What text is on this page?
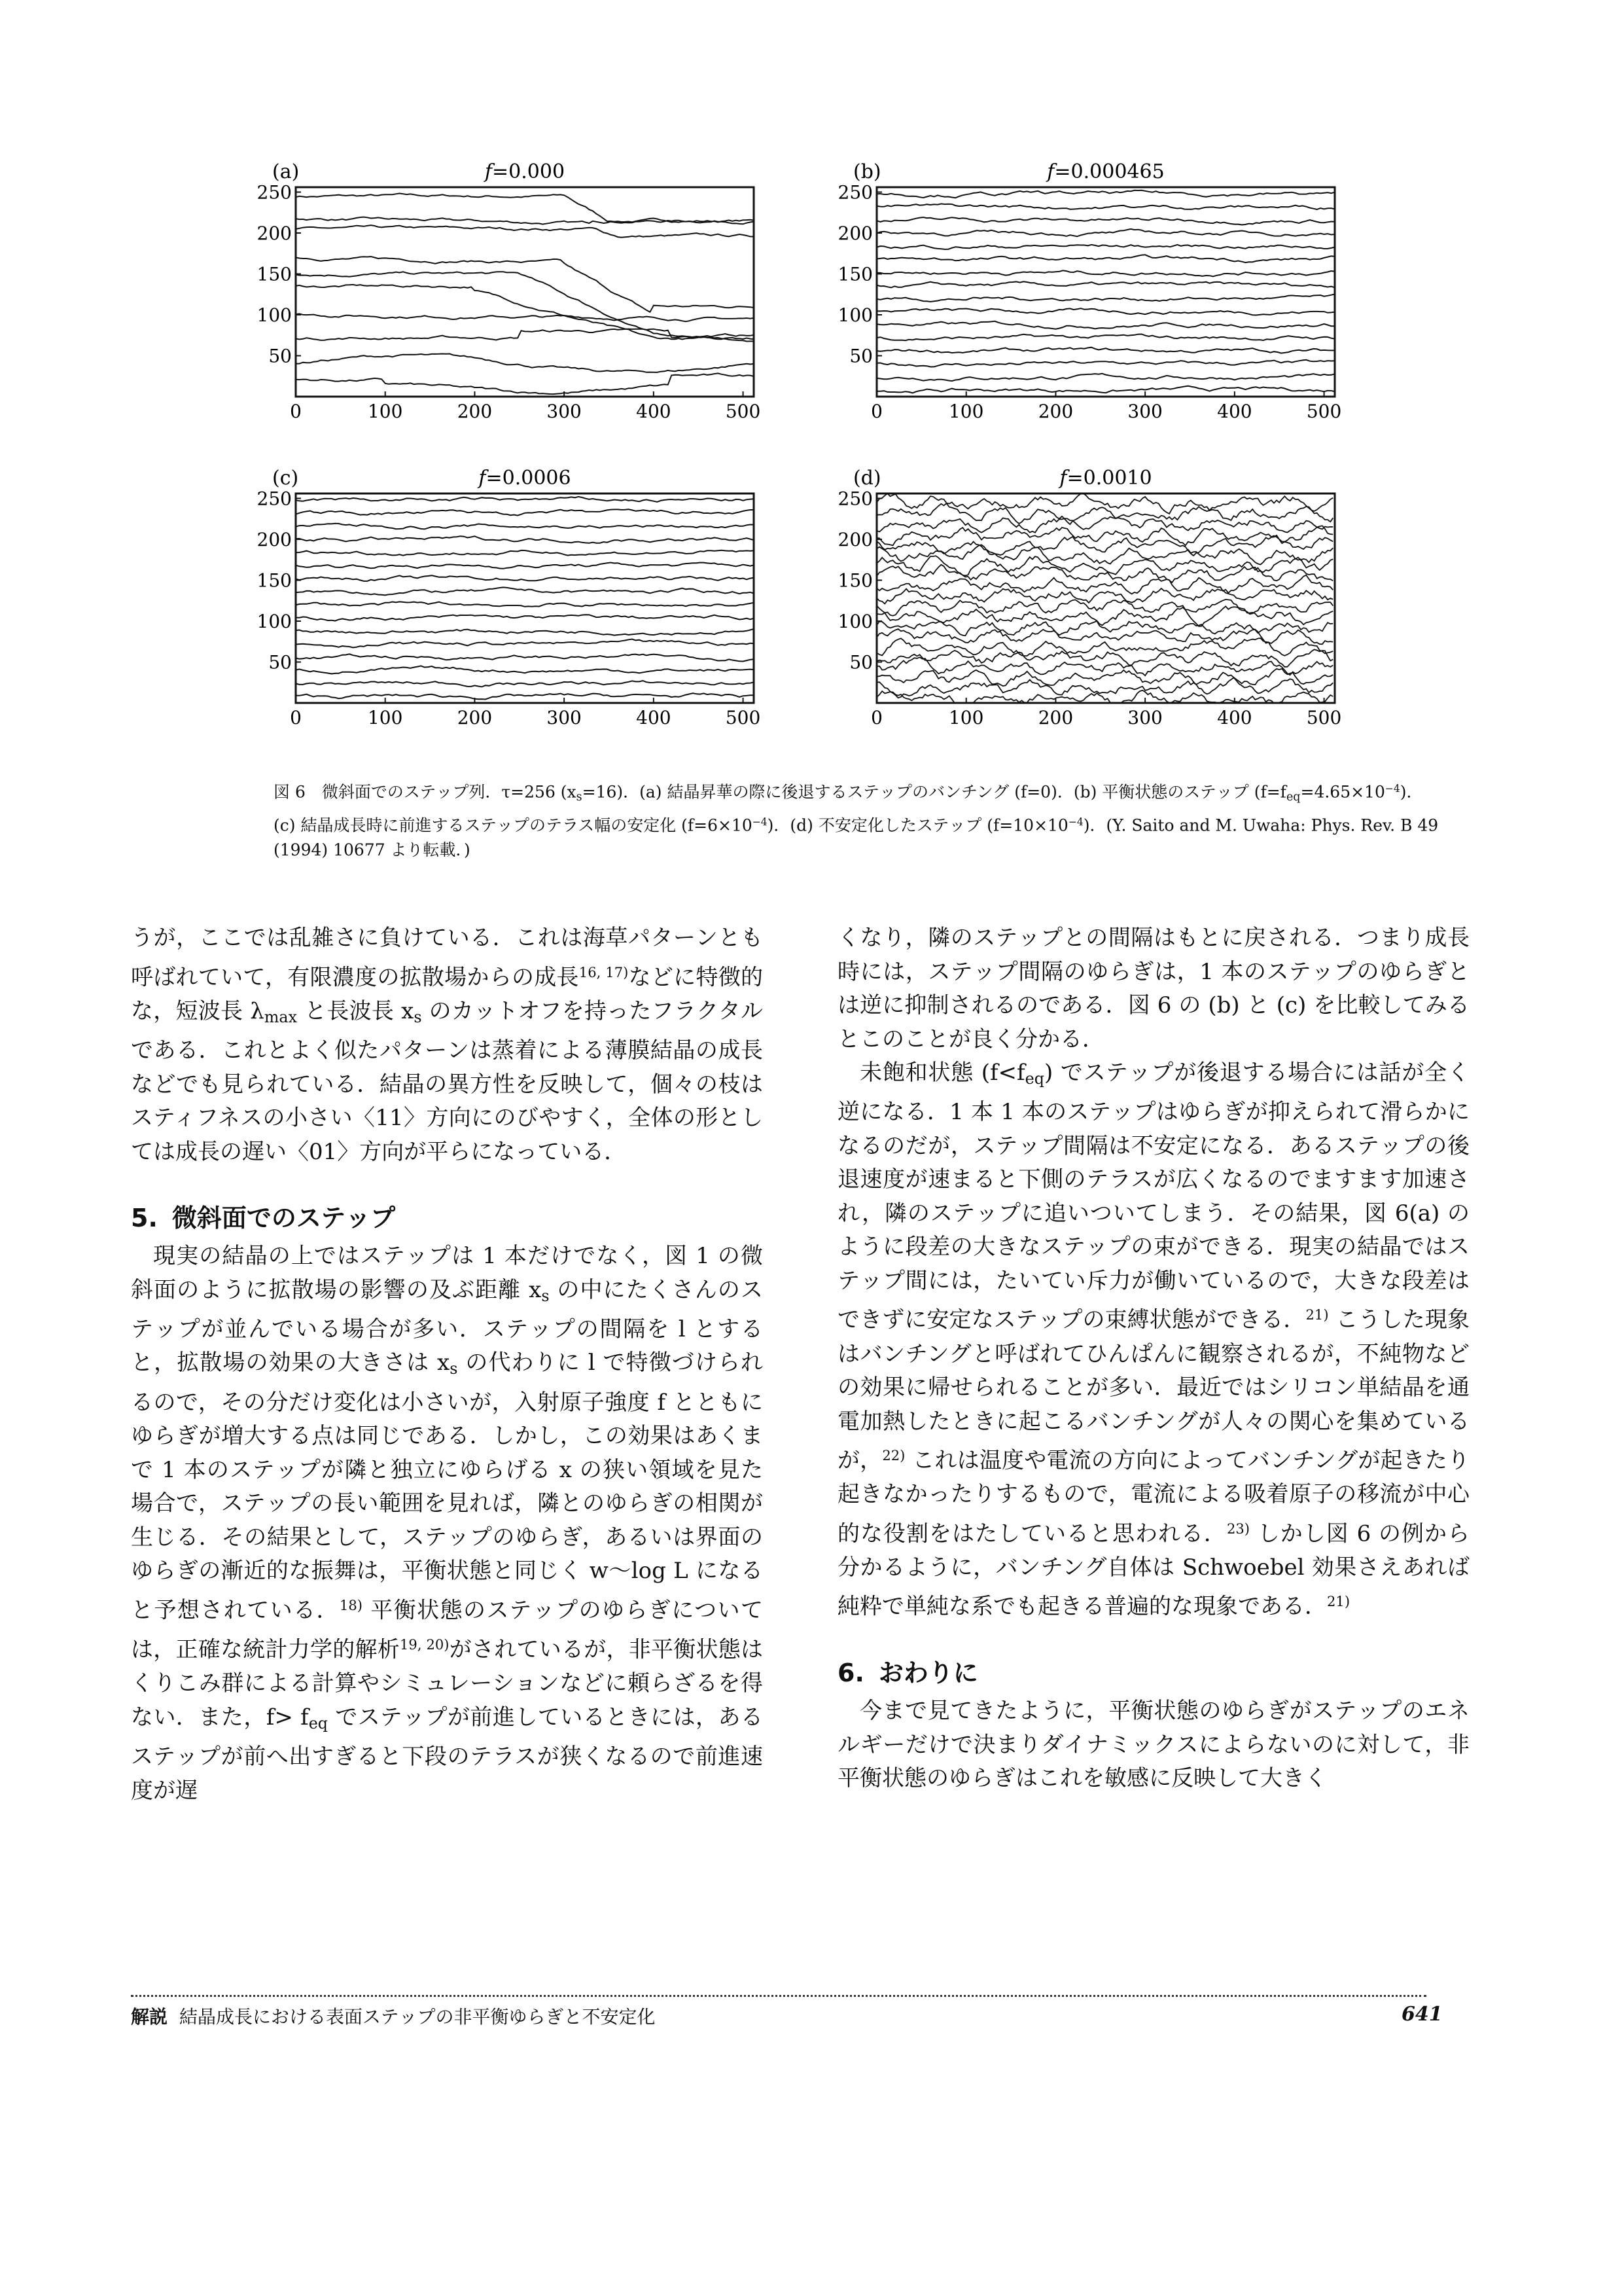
(a)	f=0.000
0	100	200	300	400	500
50
100
150
200
250
(b)	f=0.000465
0	100	200	300	400	500
50
100
150
200
250
(c)	f=0.0006
0	100	200	300	400	500
50
100
150
200
250
(d)	f=0.0010
0	100	200	300	400	500
50
100
150
200
250
図 6　微斜面でのステップ列．τ=256 $(x_s=16)$．(a) 結晶昇華の際に後退するステップのバンチング (f=0)．(b) 平衡状態のステップ $(f=f_{eq}=4.65\times 10^{-4})$．
(c) 結晶成長時に前進するステップのテラス幅の安定化 $(f=6\times 10^{-4})$．(d) 不安定化したステップ $(f=10\times 10^{-4})$．(Y. Saito and M. Uwaha: Phys. Rev. B 49
(1994) 10677 より転載．)

うが，ここでは乱雑さに負けている．これは海草パターンとも呼ばれていて，有限濃度の拡散場からの成長$^{16, 17)}$などに特徴的な，短波長 $\lambda_{max}$ と長波長 $x_s$ のカットオフを持ったフラクタルである．これとよく似たパターンは蒸着による薄膜結晶の成長などでも見られている．結晶の異方性を反映して，個々の枝はスティフネスの小さい〈11〉方向にのびやすく，全体の形としては成長の遅い〈01〉方向が平らになっている．

5. 微斜面でのステップ

現実の結晶の上ではステップは 1 本だけでなく，図 1 の微斜面のように拡散場の影響の及ぶ距離 $x_s$ の中にたくさんのステップが並んでいる場合が多い．ステップの間隔を l とすると，拡散場の効果の大きさは $x_s$ の代わりに l で特徴づけられるので，その分だけ変化は小さいが，入射原子強度 f とともにゆらぎが増大する点は同じである．しかし，この効果はあくまで 1 本のステップが隣と独立にゆらげる x の狭い領域を見た場合で，ステップの長い範囲を見れば，隣とのゆらぎの相関が生じる．その結果として，ステップのゆらぎ，あるいは界面のゆらぎの漸近的な振舞は，平衡状態と同じく w〜log L になると予想されている．$^{18)}$ 平衡状態のステップのゆらぎについては，正確な統計力学的解析$^{19, 20)}$がされているが，非平衡状態はくりこみ群による計算やシミュレーションなどに頼らざるを得ない．また，$f> f_{eq}$ でステップが前進しているときには，あるステップが前へ出すぎると下段のテラスが狭くなるので前進速度が遅

くなり，隣のステップとの間隔はもとに戻される．つまり成長時には，ステップ間隔のゆらぎは，1 本のステップのゆらぎとは逆に抑制されるのである．図 6 の (b) と (c) を比較してみるとこのことが良く分かる．

未飽和状態 $(f<f_{eq})$ でステップが後退する場合には話が全く逆になる．1 本 1 本のステップはゆらぎが抑えられて滑らかになるのだが，ステップ間隔は不安定になる．あるステップの後退速度が速まると下側のテラスが広くなるのでますます加速され，隣のステップに追いついてしまう．その結果，図 6(a) のように段差の大きなステップの束ができる．現実の結晶ではステップ間には，たいてい斥力が働いているので，大きな段差はできずに安定なステップの束縛状態ができる．$^{21)}$ こうした現象はバンチングと呼ばれてひんぱんに観察されるが，不純物などの効果に帰せられることが多い．最近ではシリコン単結晶を通電加熱したときに起こるバンチングが人々の関心を集めているが，$^{22)}$ これは温度や電流の方向によってバンチングが起きたり起きなかったりするもので，電流による吸着原子の移流が中心的な役割をはたしていると思われる．$^{23)}$ しかし図 6 の例から分かるように，バンチング自体は Schwoebel 効果さえあれば純粋で単純な系でも起きる普遍的な現象である．$^{21)}$

6. おわりに

今まで見てきたように，平衡状態のゆらぎがステップのエネルギーだけで決まりダイナミックスによらないのに対して，非平衡状態のゆらぎはこれを敏感に反映して大きく

解説 結晶成長における表面ステップの非平衡ゆらぎと不安定化	641
